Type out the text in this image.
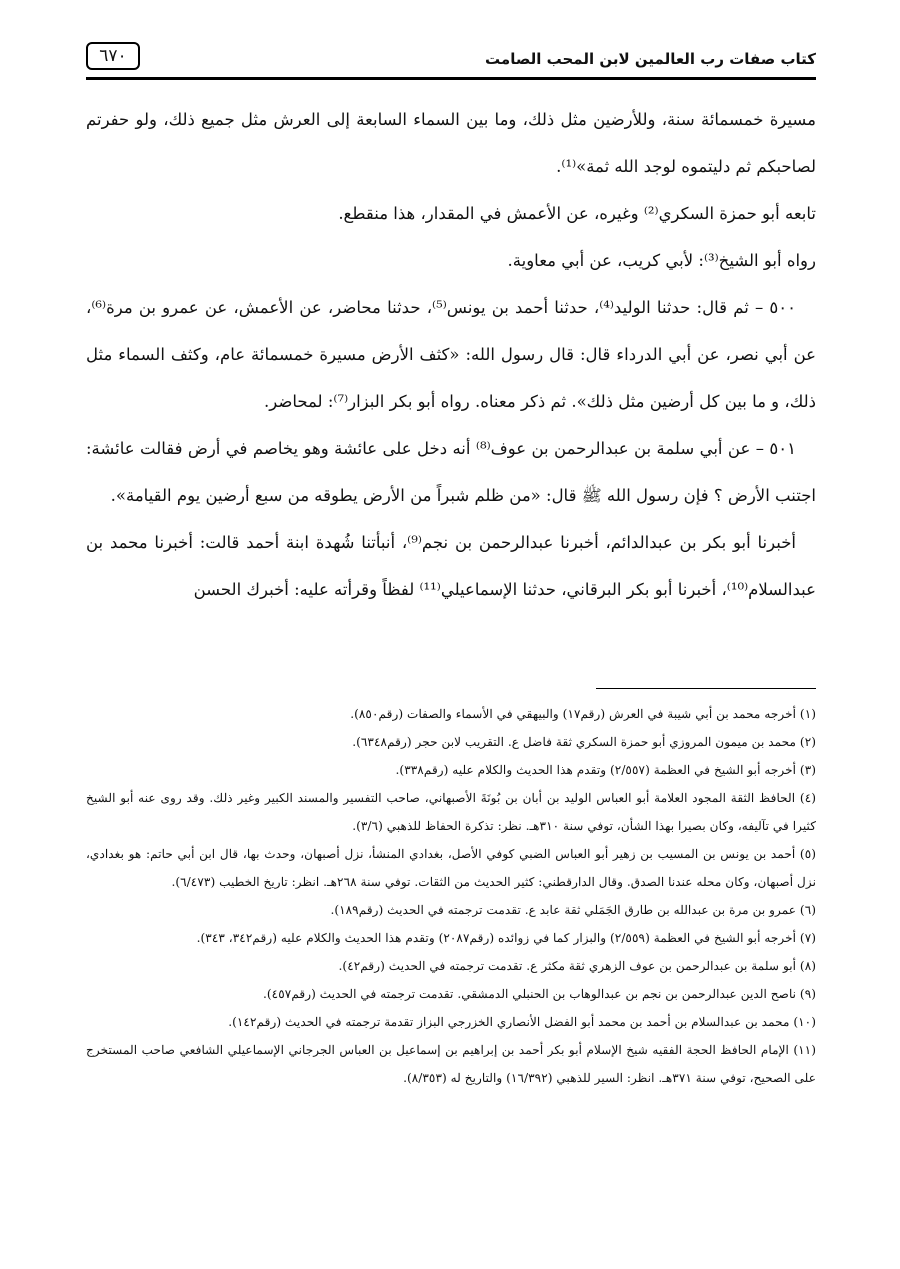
كتاب صفات رب العالمين لابن المحب الصامت
٦٧٠

مسيرة خمسمائة سنة، وللأرضين مثل ذلك، وما بين السماء السابعة إلى العرش مثل جميع ذلك، ولو حفرتم لصاحبكم ثم دليتموه لوجد الله ثمة»⁽¹⁾.

تابعه أبو حمزة السكري⁽²⁾ وغيره، عن الأعمش في المقدار، هذا منقطع.

رواه أبو الشيخ⁽³⁾: لأبي كريب، عن أبي معاوية.

٥٠٠ – ثم قال: حدثنا الوليد⁽⁴⁾، حدثنا أحمد بن يونس⁽⁵⁾، حدثنا محاضر، عن الأعمش، عن عمرو بن مرة⁽⁶⁾، عن أبي نصر، عن أبي الدرداء قال: قال رسول الله: «كثف الأرض مسيرة خمسمائة عام، وكثف السماء مثل ذلك، و ما بين كل أرضين مثل ذلك». ثم ذكر معناه. رواه أبو بكر البزار⁽⁷⁾: لمحاضر.

٥٠١ – عن أبي سلمة بن عبدالرحمن بن عوف⁽⁸⁾ أنه دخل على عائشة وهو يخاصم في أرض فقالت عائشة: اجتنب الأرض ؟ فإن رسول الله ﷺ قال: «من ظلم شبراً من الأرض يطوقه من سبع أرضين يوم القيامة».

أخبرنا أبو بكر بن عبدالدائم، أخبرنا عبدالرحمن بن نجم⁽⁹⁾، أنبأتنا شُهدة ابنة أحمد قالت: أخبرنا محمد بن عبدالسلام⁽¹⁰⁾، أخبرنا أبو بكر البرقاني، حدثنا الإسماعيلي⁽¹¹⁾ لفظاً وقرأته عليه: أخبرك الحسن

(١) أخرجه محمد بن أبي شيبة في العرش (رقم١٧) والبيهقي في الأسماء والصفات (رقم٨٥٠).

(٢) محمد بن ميمون المروزي أبو حمزة السكري ثقة فاضل ع. التقريب لابن حجر (رقم٦٣٤٨).

(٣) أخرجه أبو الشيخ في العظمة (٢/٥٥٧) وتقدم هذا الحديث والكلام عليه (رقم٣٣٨).

(٤) الحافظ الثقة المجود العلامة أبو العباس الوليد بن أبان بن بُونَةَ الأصبهاني، صاحب التفسير والمسند الكبير وغير ذلك. وقد روى عنه أبو الشيخ كثيرا في تآليفه، وكان بصيرا بهذا الشأن، توفي سنة ٣١٠هـ. نظر: تذكرة الحفاظ للذهبي (٣/٦).

(٥) أحمد بن يونس بن المسيب بن زهير أبو العباس الضبي كوفي الأصل، بغدادي المنشأ، نزل أصبهان، وحدث بها، قال ابن أبي حاتم: هو بغدادي، نزل أصبهان، وكان محله عندنا الصدق. وقال الدارقطني: كثير الحديث من الثقات. توفي سنة ٢٦٨هـ. انظر: تاريخ الخطيب (٦/٤٧٣).

(٦) عمرو بن مرة بن عبدالله بن طارق الجَمَلي ثقة عابد ع. تقدمت ترجمته في الحديث (رقم١٨٩).

(٧) أخرجه أبو الشيخ في العظمة (٢/٥٥٩) والبزار كما في زوائده (رقم٢٠٨٧) وتقدم هذا الحديث والكلام عليه (رقم٣٤٢، ٣٤٣).

(٨) أبو سلمة بن عبدالرحمن بن عوف الزهري ثقة مكثر ع. تقدمت ترجمته في الحديث (رقم٤٢).

(٩) ناصح الدين عبدالرحمن بن نجم بن عبدالوهاب بن الحنبلي الدمشقي. تقدمت ترجمته في الحديث (رقم٤٥٧).

(١٠) محمد بن عبدالسلام بن أحمد بن محمد أبو الفضل الأنصاري الخزرجي البزاز تقدمة ترجمته في الحديث (رقم١٤٢).

(١١) الإمام الحافظ الحجة الفقيه شيخ الإسلام أبو بكر أحمد بن إبراهيم بن إسماعيل بن العباس الجرجاني الإسماعيلي الشافعي صاحب المستخرج على الصحيح، توفي سنة ٣٧١هـ. انظر: السير للذهبي (١٦/٣٩٢) والتاريخ له (٨/٣٥٣).
